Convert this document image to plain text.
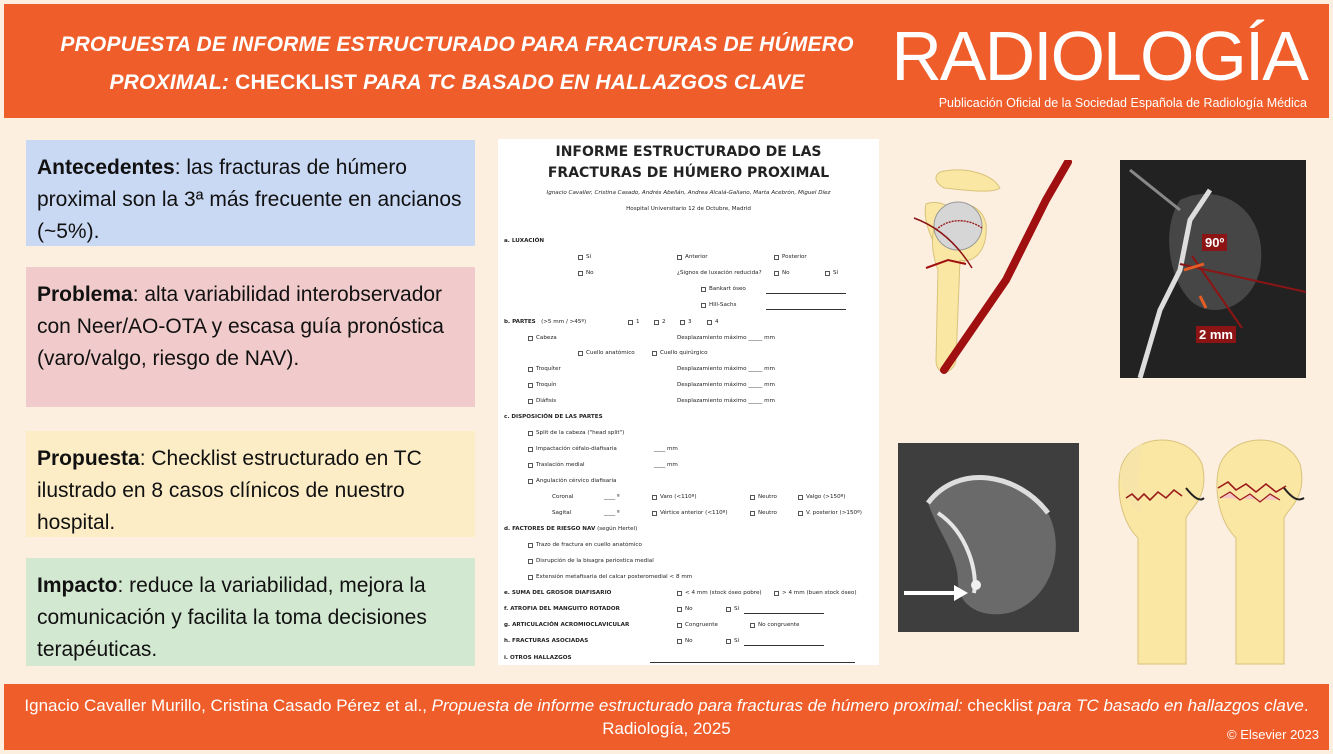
PROPUESTA DE INFORME ESTRUCTURADO PARA FRACTURAS DE HÚMERO
PROXIMAL: CHECKLIST PARA TC BASADO EN HALLAZGOS CLAVE	RADIOLOGÍA
Publicación Oficial de la Sociedad Española de Radiología Médica
Antecedentes: las fracturas de húmero proximal son la 3ª más frecuente en ancianos (~5%).
Problema: alta variabilidad interobservador con Neer/AO-OTA y escasa guía pronóstica (varo/valgo, riesgo de NAV).
Propuesta: Checklist estructurado en TC ilustrado en 8 casos clínicos de nuestro hospital.
Impacto: reduce la variabilidad, mejora la comunicación y facilita la toma decisiones terapéuticas.
INFORME ESTRUCTURADO DE LAS
FRACTURAS DE HÚMERO PROXIMAL
Ignacio Cavaller, Cristina Casado, Andrés Abellán, Andrea Alcalá-Galiano, Marta Acebrón, Miguel Díez
Hospital Universitario 12 de Octubre, Madrid
a. LUXACIÓN
Sí	Anterior	Posterior
No	¿Signos de luxación reducida?	No	Sí
Bankart óseo
Hill-Sachs
b. PARTES (>5 mm / >45º)	1	2	3	4
Cabeza	Desplazamiento máximo _____ mm
Cuello anatómico	Cuello quirúrgico
Troquíter	Desplazamiento máximo _____ mm
Troquín	Desplazamiento máximo _____ mm
Diáfisis	Desplazamiento máximo _____ mm
c. DISPOSICIÓN DE LAS PARTES
Split de la cabeza ("head split")
Impactación céfalo-diafisaria	____ mm
Traslación medial	____ mm
Angulación cérvico diafisaria
Coronal	____ º	Varo (<110º)	Neutro	Valgo (>150º)
Sagital	____ º	Vértice anterior (<110º)	Neutro	V. posterior (>150º)
d. FACTORES DE RIESGO NAV (según Hertel)
Trazo de fractura en cuello anatómico
Disrupción de la bisagra periostica medial
Extensión metafisaria del calcar posteromedial < 8 mm
e. SUMA DEL GROSOR DIAFISARIO	< 4 mm (stock óseo pobre)	> 4 mm (buen stock óseo)
f. ATROFIA DEL MANGUITO ROTADOR	No	Sí
g. ARTICULACIÓN ACROMIOCLAVICULAR	Congruente	No congruente
h. FRACTURAS ASOCIADAS	No	Sí
i. OTROS HALLAZGOS
90º
2 mm
Ignacio Cavaller Murillo, Cristina Casado Pérez et al., Propuesta de informe estructurado para fracturas de húmero proximal: checklist para TC basado en hallazgos clave. Radiología, 2025	© Elsevier 2023
